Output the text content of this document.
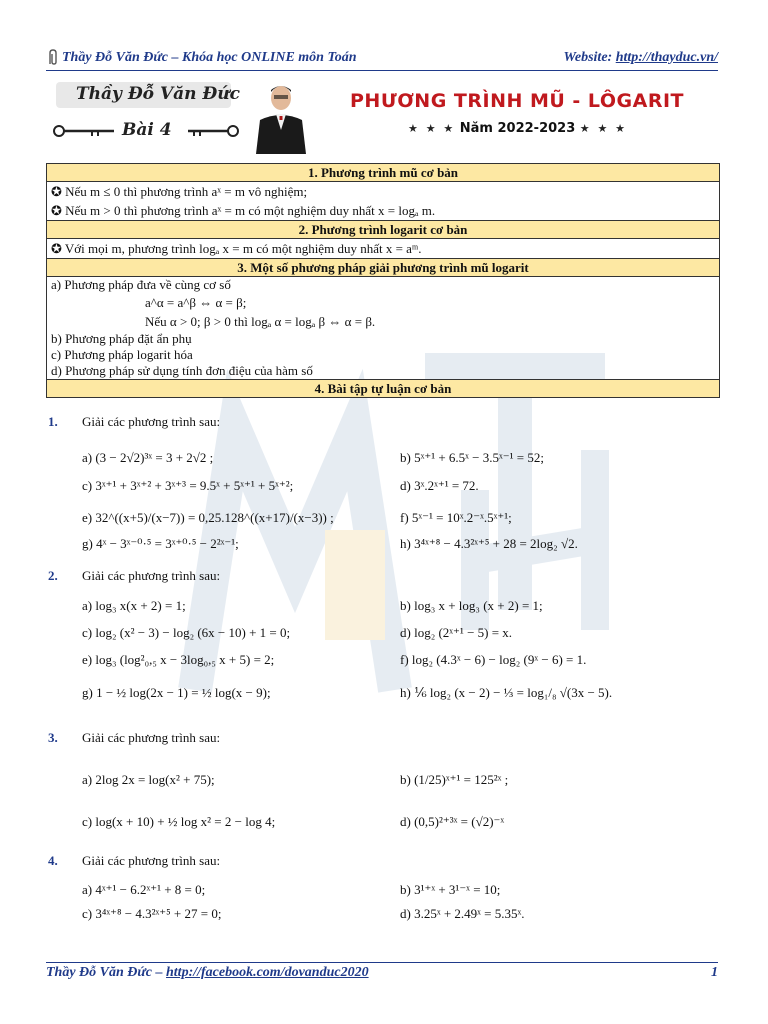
Thầy Đỗ Văn Đức – Khóa học ONLINE môn Toán	Website: http://thayduc.vn/
Thầy Đỗ Văn Đức
Bài 4
PHƯƠNG TRÌNH MŨ - LÔGARIT
★ ★ ★ Năm 2022-2023 ★ ★ ★
1. Phương trình mũ cơ bản
✪ Nếu m ≤ 0 thì phương trình aˣ = m vô nghiệm;
✪ Nếu m > 0 thì phương trình aˣ = m có một nghiệm duy nhất x = logₐ m.
2. Phương trình logarit cơ bản
✪ Với mọi m, phương trình logₐ x = m có một nghiệm duy nhất x = aᵐ.
3. Một số phương pháp giải phương trình mũ logarit
a) Phương pháp đưa về cùng cơ số
a^α = a^β ⇔ α = β;
Nếu α > 0; β > 0 thì logₐ α = logₐ β ⇔ α = β.
b) Phương pháp đặt ẩn phụ
c) Phương pháp logarit hóa
d) Phương pháp sử dụng tính đơn điệu của hàm số
4. Bài tập tự luận cơ bản
1. Giải các phương trình sau:
a) (3 − 2√2)³ˣ = 3 + 2√2 ;	b) 5ˣ⁺¹ + 6.5ˣ − 3.5ˣ⁻¹ = 52;
c) 3ˣ⁺¹ + 3ˣ⁺² + 3ˣ⁺³ = 9.5ˣ + 5ˣ⁺¹ + 5ˣ⁺²;	d) 3ˣ.2ˣ⁺¹ = 72.
e) 32^((x+5)/(x−7)) = 0,25.128^((x+17)/(x−3)) ;	f) 5ˣ⁻¹ = 10ˣ.2⁻ˣ.5ˣ⁺¹;
g) 4ˣ − 3ˣ⁻⁰·⁵ = 3ˣ⁺⁰·⁵ − 2²ˣ⁻¹;	h) 3⁴ˣ⁺⁸ − 4.3²ˣ⁺⁵ + 28 = 2log₂ √2.
2. Giải các phương trình sau:
a) log₃ x(x + 2) = 1;	b) log₃ x + log₃ (x + 2) = 1;
c) log₂ (x² − 3) − log₂ (6x − 10) + 1 = 0;	d) log₂ (2ˣ⁺¹ − 5) = x.
e) log₃ (log²₀,₅ x − 3log₀,₅ x + 5) = 2;	f) log₂ (4.3ˣ − 6) − log₂ (9ˣ − 6) = 1.
g) 1 − ½ log(2x − 1) = ½ log(x − 9);	h) ⅙ log₂ (x − 2) − ⅓ = log₁/₈ √(3x − 5).
3. Giải các phương trình sau:
a) 2log 2x = log(x² + 75);	b) (1/25)ˣ⁺¹ = 125²ˣ ;
c) log(x + 10) + ½ log x² = 2 − log 4;	d) (0,5)²⁺³ˣ = (√2)⁻ˣ
4. Giải các phương trình sau:
a) 4ˣ⁺¹ − 6.2ˣ⁺¹ + 8 = 0;	b) 3¹⁺ˣ + 3¹⁻ˣ = 10;
c) 3⁴ˣ⁺⁸ − 4.3²ˣ⁺⁵ + 27 = 0;	d) 3.25ˣ + 2.49ˣ = 5.35ˣ.
Thầy Đỗ Văn Đức – http://facebook.com/dovanduc2020	1
